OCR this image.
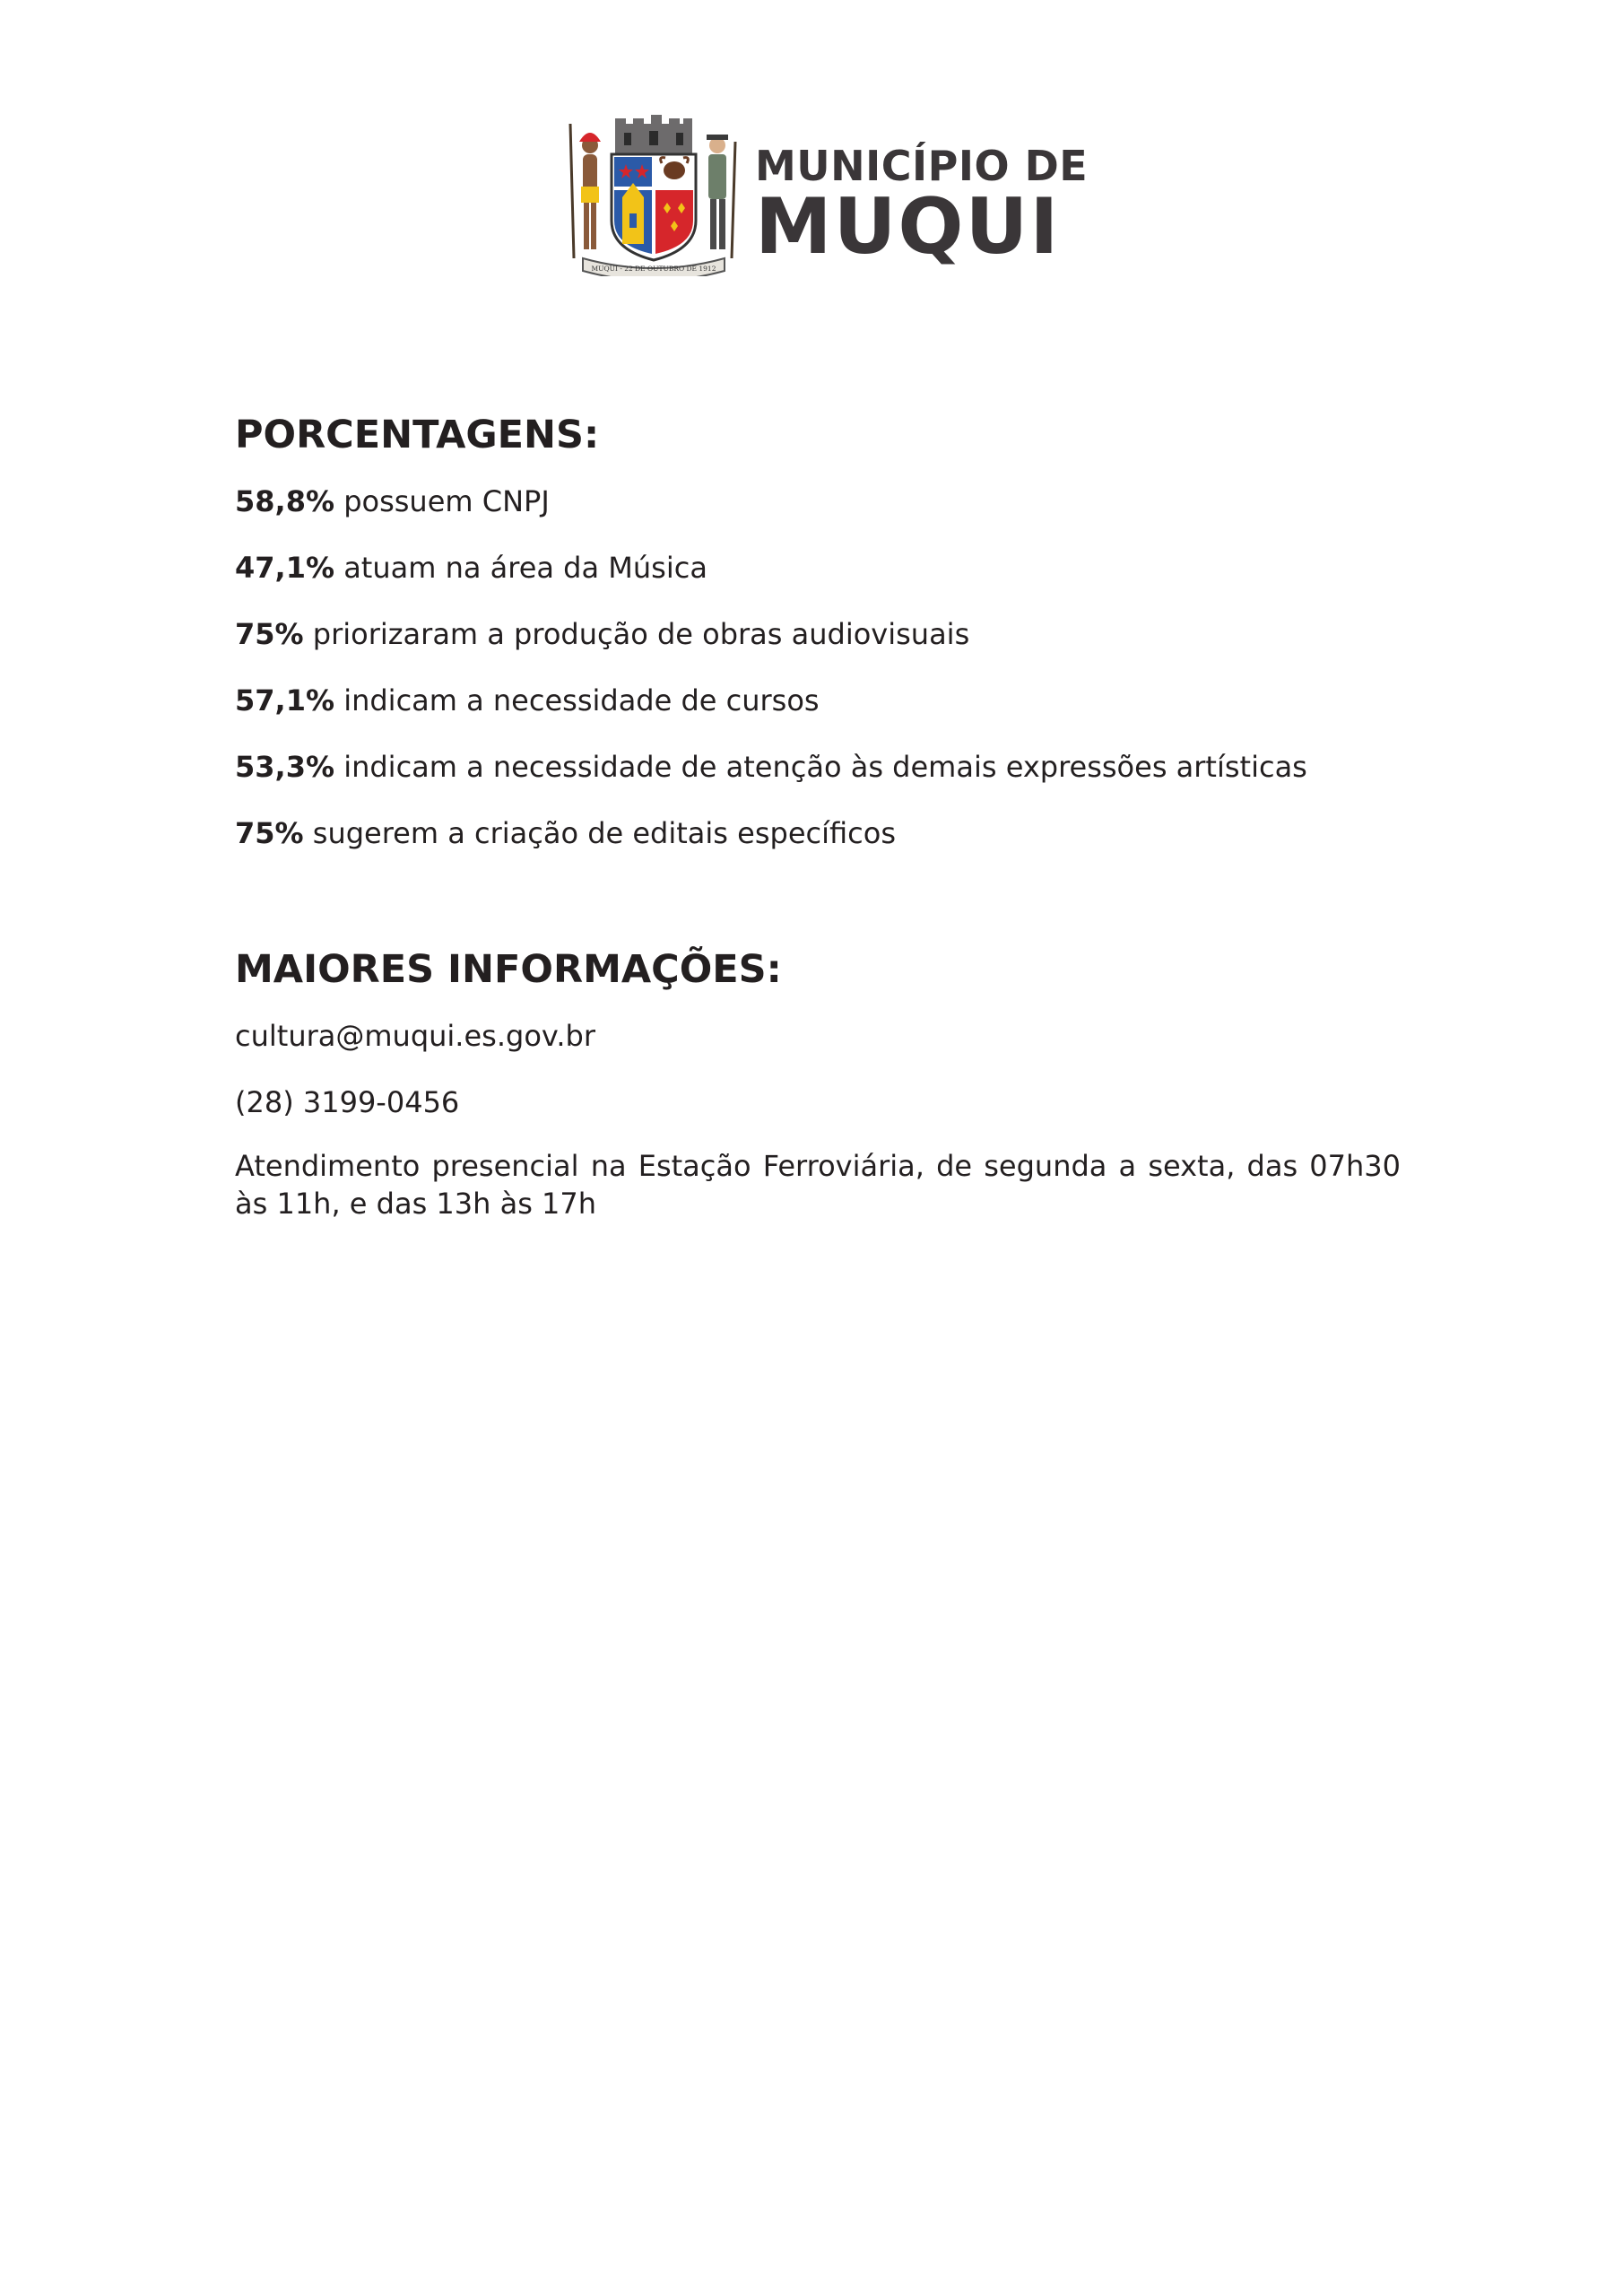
MUQUI - 22 DE OUTUBRO DE 1912
MUNICÍPIO DE
MUQUI
PORCENTAGENS:

58,8% possuem CNPJ

47,1% atuam na área da Música

75% priorizaram a produção de obras audiovisuais

57,1% indicam a necessidade de cursos

53,3% indicam a necessidade de atenção às demais expressões artísticas

75% sugerem a criação de editais específicos

MAIORES INFORMAÇÕES:

cultura@muqui.es.gov.br

(28) 3199-0456

Atendimento presencial na Estação Ferroviária, de segunda a sexta, das 07h30 às 11h, e das 13h às 17h
